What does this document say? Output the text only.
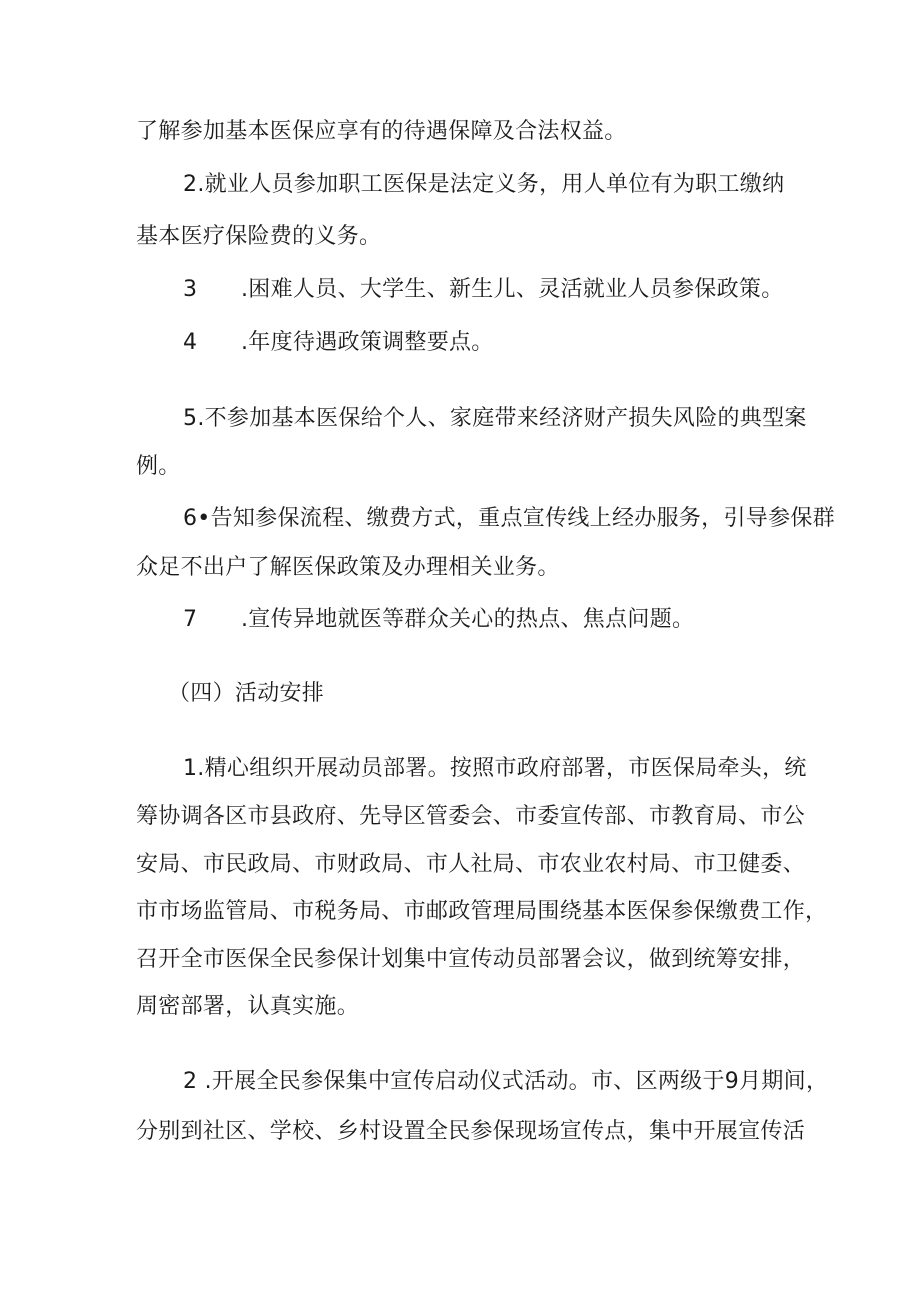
了解参加基本医保应享有的待遇保障及合法权益。
2.就业人员参加职工医保是法定义务，用人单位有为职工缴纳
基本医疗保险费的义务。
3 .困难人员、大学生、新生儿、灵活就业人员参保政策。
4 .年度待遇政策调整要点。
5.不参加基本医保给个人、家庭带来经济财产损失风险的典型案
例。
6•告知参保流程、缴费方式，重点宣传线上经办服务，引导参保群
众足不出户了解医保政策及办理相关业务。
7 .宣传异地就医等群众关心的热点、焦点问题。
（四）活动安排
1.精心组织开展动员部署。按照市政府部署，市医保局牵头，统
筹协调各区市县政府、先导区管委会、市委宣传部、市教育局、市公
安局、市民政局、市财政局、市人社局、市农业农村局、市卫健委、
市市场监管局、市税务局、市邮政管理局围绕基本医保参保缴费工作，
召开全市医保全民参保计划集中宣传动员部署会议，做到统筹安排，
周密部署，认真实施。
2 .开展全民参保集中宣传启动仪式活动。市、区两级于9月期间，
分别到社区、学校、乡村设置全民参保现场宣传点，集中开展宣传活
